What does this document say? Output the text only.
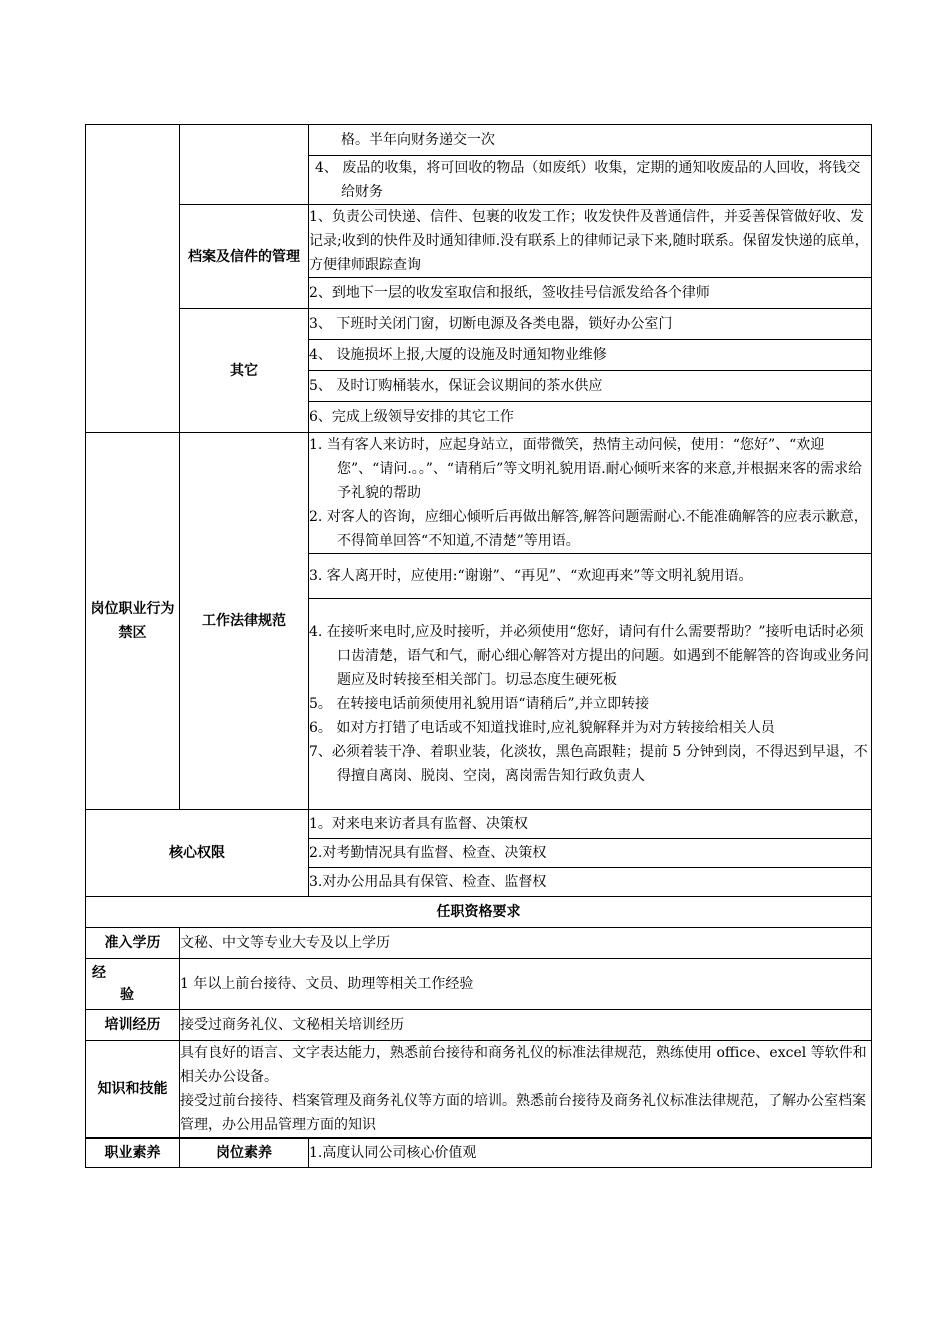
		格。半年向财务递交一次

		4、 废品的收集，将可回收的物品（如废纸）收集，定期的通知收废品的人回收，将钱交给财务

	档案及信件的管理	1、负责公司快递、信件、包裹的收发工作；收发快件及普通信件，并妥善保管做好收、发记录;收到的快件及时通知律师.没有联系上的律师记录下来,随时联系。保留发快递的底单，方便律师跟踪查询

		2、到地下一层的收发室取信和报纸，签收挂号信派发给各个律师

	其它	3、 下班时关闭门窗，切断电源及各类电器，锁好办公室门

		4、 设施损坏上报,大厦的设施及时通知物业维修

		5、 及时订购桶装水，保证会议期间的茶水供应

		6、完成上级领导安排的其它工作

岗位职业行为禁区	工作法律规范	1. 当有客人来访时，应起身站立，面带微笑，热情主动问候，使用：“您好”、“欢迎您”、“请问.。。”、“请稍后”等文明礼貌用语.耐心倾听来客的来意,并根据来客的需求给予礼貌的帮助
2. 对客人的咨询，应细心倾听后再做出解答,解答问题需耐心.不能准确解答的应表示歉意，不得简单回答“不知道,不清楚”等用语。

		3. 客人离开时，应使用:“谢谢”、“再见”、“欢迎再来”等文明礼貌用语。

		4. 在接听来电时,应及时接听，并必须使用“您好，请问有什么需要帮助？”接听电话时必须口齿清楚，语气和气，耐心细心解答对方提出的问题。如遇到不能解答的咨询或业务问题应及时转接至相关部门。切忌态度生硬死板
5。 在转接电话前须使用礼貌用语“请稍后”,并立即转接
6。 如对方打错了电话或不知道找谁时,应礼貌解释并为对方转接给相关人员
7、必须着装干净、着职业装，化淡妆，黑色高跟鞋；提前 5 分钟到岗，不得迟到早退，不得擅自离岗、脱岗、空岗，离岗需告知行政负责人

核心权限		1。对来电来访者具有监督、决策权

		2.对考勤情况具有监督、检查、决策权

		3.对办公用品具有保管、检查、监督权

任职资格要求		
准入学历	文秘、中文等专业大专及以上学历	

经
验	1 年以上前台接待、文员、助理等相关工作经验	
培训经历	接受过商务礼仪、文秘相关培训经历	
知识和技能	具有良好的语言、文字表达能力，熟悉前台接待和商务礼仪的标准法律规范，熟练使用 office、excel 等软件和相关办公设备。
接受过前台接待、档案管理及商务礼仪等方面的培训。熟悉前台接待及商务礼仪标准法律规范，了解办公室档案管理，办公用品管理方面的知识	

职业素养	岗位素养	1.高度认同公司核心价值观
